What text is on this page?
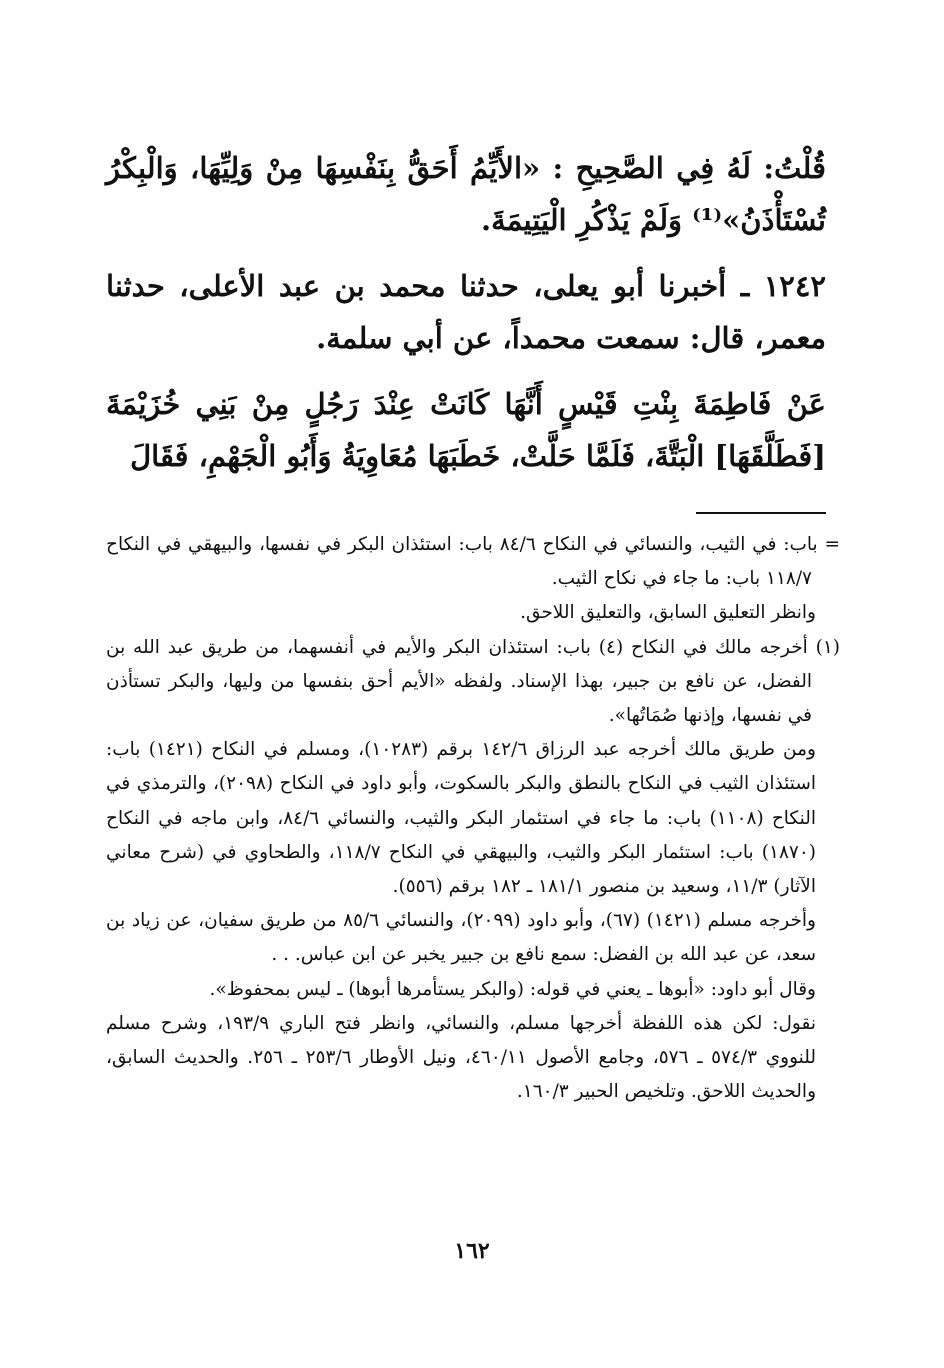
قُلْتُ: لَهُ فِي الصَّحِيحِ : «الأَيِّمُ أَحَقُّ بِنَفْسِهَا مِنْ وَلِيِّهَا، وَالْبِكْرُ تُسْتَأْذَنُ»⁽¹⁾ وَلَمْ يَذْكُرِ الْيَتِيمَةَ.

١٢٤٢ ـ أخبرنا أبو يعلى، حدثنا محمد بن عبد الأعلى، حدثنا معمر، قال: سمعت محمداً، عن أبي سلمة.

عَنْ فَاطِمَةَ بِنْتِ قَيْسٍ أَنَّهَا كَانَتْ عِنْدَ رَجُلٍ مِنْ بَنِي خُزَيْمَةَ [فَطَلَّقَهَا] الْبَتَّةَ، فَلَمَّا حَلَّتْ، خَطَبَهَا مُعَاوِيَةُ وَأَبُو الْجَهْمِ، فَقَالَ

= باب: في الثيب، والنسائي في النكاح ٨٤/٦ باب: استئذان البكر في نفسها، والبيهقي في النكاح ١١٨/٧ باب: ما جاء في نكاح الثيب.

وانظر التعليق السابق، والتعليق اللاحق.

(١) أخرجه مالك في النكاح (٤) باب: استئذان البكر والأيم في أنفسهما، من طريق عبد الله بن الفضل، عن نافع بن جبير، بهذا الإسناد. ولفظه «الأيم أحق بنفسها من وليها، والبكر تستأذن في نفسها، وإذنها صُمَاتُها».

ومن طريق مالك أخرجه عبد الرزاق ١٤٢/٦ برقم (١٠٢٨٣)، ومسلم في النكاح (١٤٢١) باب: استئذان الثيب في النكاح بالنطق والبكر بالسكوت، وأبو داود في النكاح (٢٠٩٨)، والترمذي في النكاح (١١٠٨) باب: ما جاء في استئمار البكر والثيب، والنسائي ٨٤/٦، وابن ماجه في النكاح (١٨٧٠) باب: استئمار البكر والثيب، والبيهقي في النكاح ١١٨/٧، والطحاوي في (شرح معاني الآثار) ١١/٣، وسعيد بن منصور ١٨١/١ ـ ١٨٢ برقم (٥٥٦).

وأخرجه مسلم (١٤٢١) (٦٧)، وأبو داود (٢٠٩٩)، والنسائي ٨٥/٦ من طريق سفيان، عن زياد بن سعد، عن عبد الله بن الفضل: سمع نافع بن جبير يخبر عن ابن عباس. . .

وقال أبو داود: «أبوها ـ يعني في قوله: (والبكر يستأمرها أبوها) ـ ليس بمحفوظ».

نقول: لكن هذه اللفظة أخرجها مسلم، والنسائي، وانظر فتح الباري ١٩٣/٩، وشرح مسلم للنووي ٥٧٤/٣ ـ ٥٧٦، وجامع الأصول ٤٦٠/١١، ونيل الأوطار ٢٥٣/٦ ـ ٢٥٦. والحديث السابق، والحديث اللاحق. وتلخيص الحبير ١٦٠/٣.

١٦٢
